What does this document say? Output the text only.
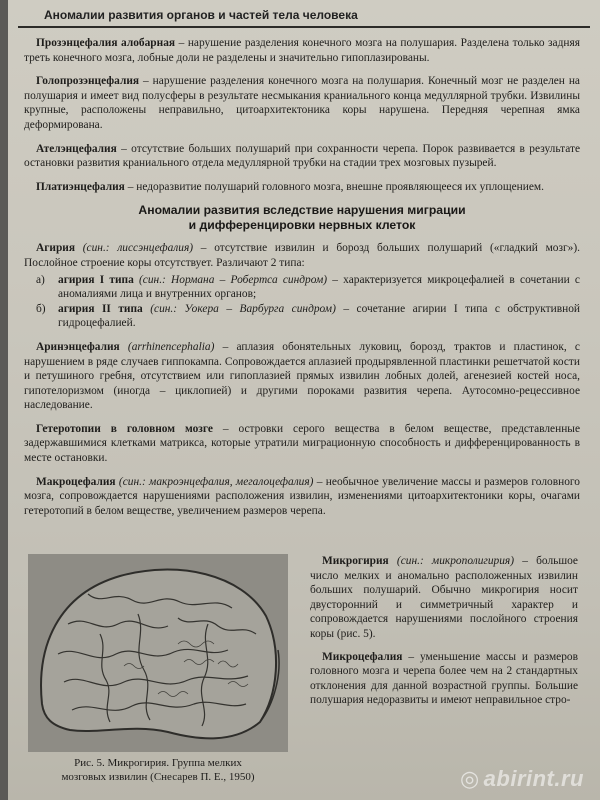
Аномалии развития органов и частей тела человека
Прозэнцефалия алобарная – нарушение разделения конечного мозга на полушария. Разделена только задняя треть конечного мозга, лобные доли не разделены и значительно гипоплазированы.
Голопрозэнцефалия – нарушение разделения конечного мозга на полушария. Конечный мозг не разделен на полушария и имеет вид полусферы в результате несмыкания краниального конца медуллярной трубки. Извилины крупные, расположены неправильно, цитоархитектоника коры нарушена. Передняя черепная ямка деформирована.
Ателэнцефалия – отсутствие больших полушарий при сохранности черепа. Порок развивается в результате остановки развития краниального отдела медуллярной трубки на стадии трех мозговых пузырей.
Платиэнцефалия – недоразвитие полушарий головного мозга, внешне проявляющееся их уплощением.
Аномалии развития вследствие нарушения миграции
и дифференцировки нервных клеток
Агирия (син.: лиссэнцефалия) – отсутствие извилин и борозд больших полушарий («гладкий мозг»). Послойное строение коры отсутствует. Различают 2 типа:

а) агирия I типа (син.: Нормана – Робертса синдром) – характеризуется микроцефалией в сочетании с аномалиями лица и внутренних органов;

б) агирия II типа (син.: Уокера – Варбурга синдром) – сочетание агирии I типа с обструктивной гидроцефалией.

Аринэнцефалия (arrhinencephalia) – аплазия обонятельных луковиц, борозд, трактов и пластинок, с нарушением в ряде случаев гиппокампа. Сопровождается аплазией продырявленной пластинки решетчатой кости и петушиного гребня, отсутствием или гипоплазией прямых извилин лобных долей, агенезией костей носа, гипотелоризмом (иногда – циклопией) и другими пороками развития черепа. Аутосомно-рецессивное наследование.
Гетеротопии в головном мозге – островки серого вещества в белом веществе, представленные задержавшимися клетками матрикса, которые утратили миграционную способность и дифференцированность в месте остановки.
Макроцефалия (син.: макроэнцефалия, мегалоцефалия) – необычное увеличение массы и размеров головного мозга, сопровождается нарушениями расположения извилин, изменениями цитоархитектоники коры, очагами гетеротопий в белом веществе, увеличением размеров черепа.
Рис. 5. Микрогирия. Группа мелких
мозговых извилин (Снесарев П. Е., 1950)
Микрогирия (син.: микрополигирия) – большое число мелких и аномально расположенных извилин больших полушарий. Обычно микрогирия носит двусторонний и симметричный характер и сопровождается нарушениями послойного строения коры (рис. 5).
Микроцефалия – уменьшение массы и размеров головного мозга и черепа более чем на 2 стандартных отклонения для данной возрастной группы. Большие полушария недоразвиты и имеют неправильное стро-
◎ abirint.ru
